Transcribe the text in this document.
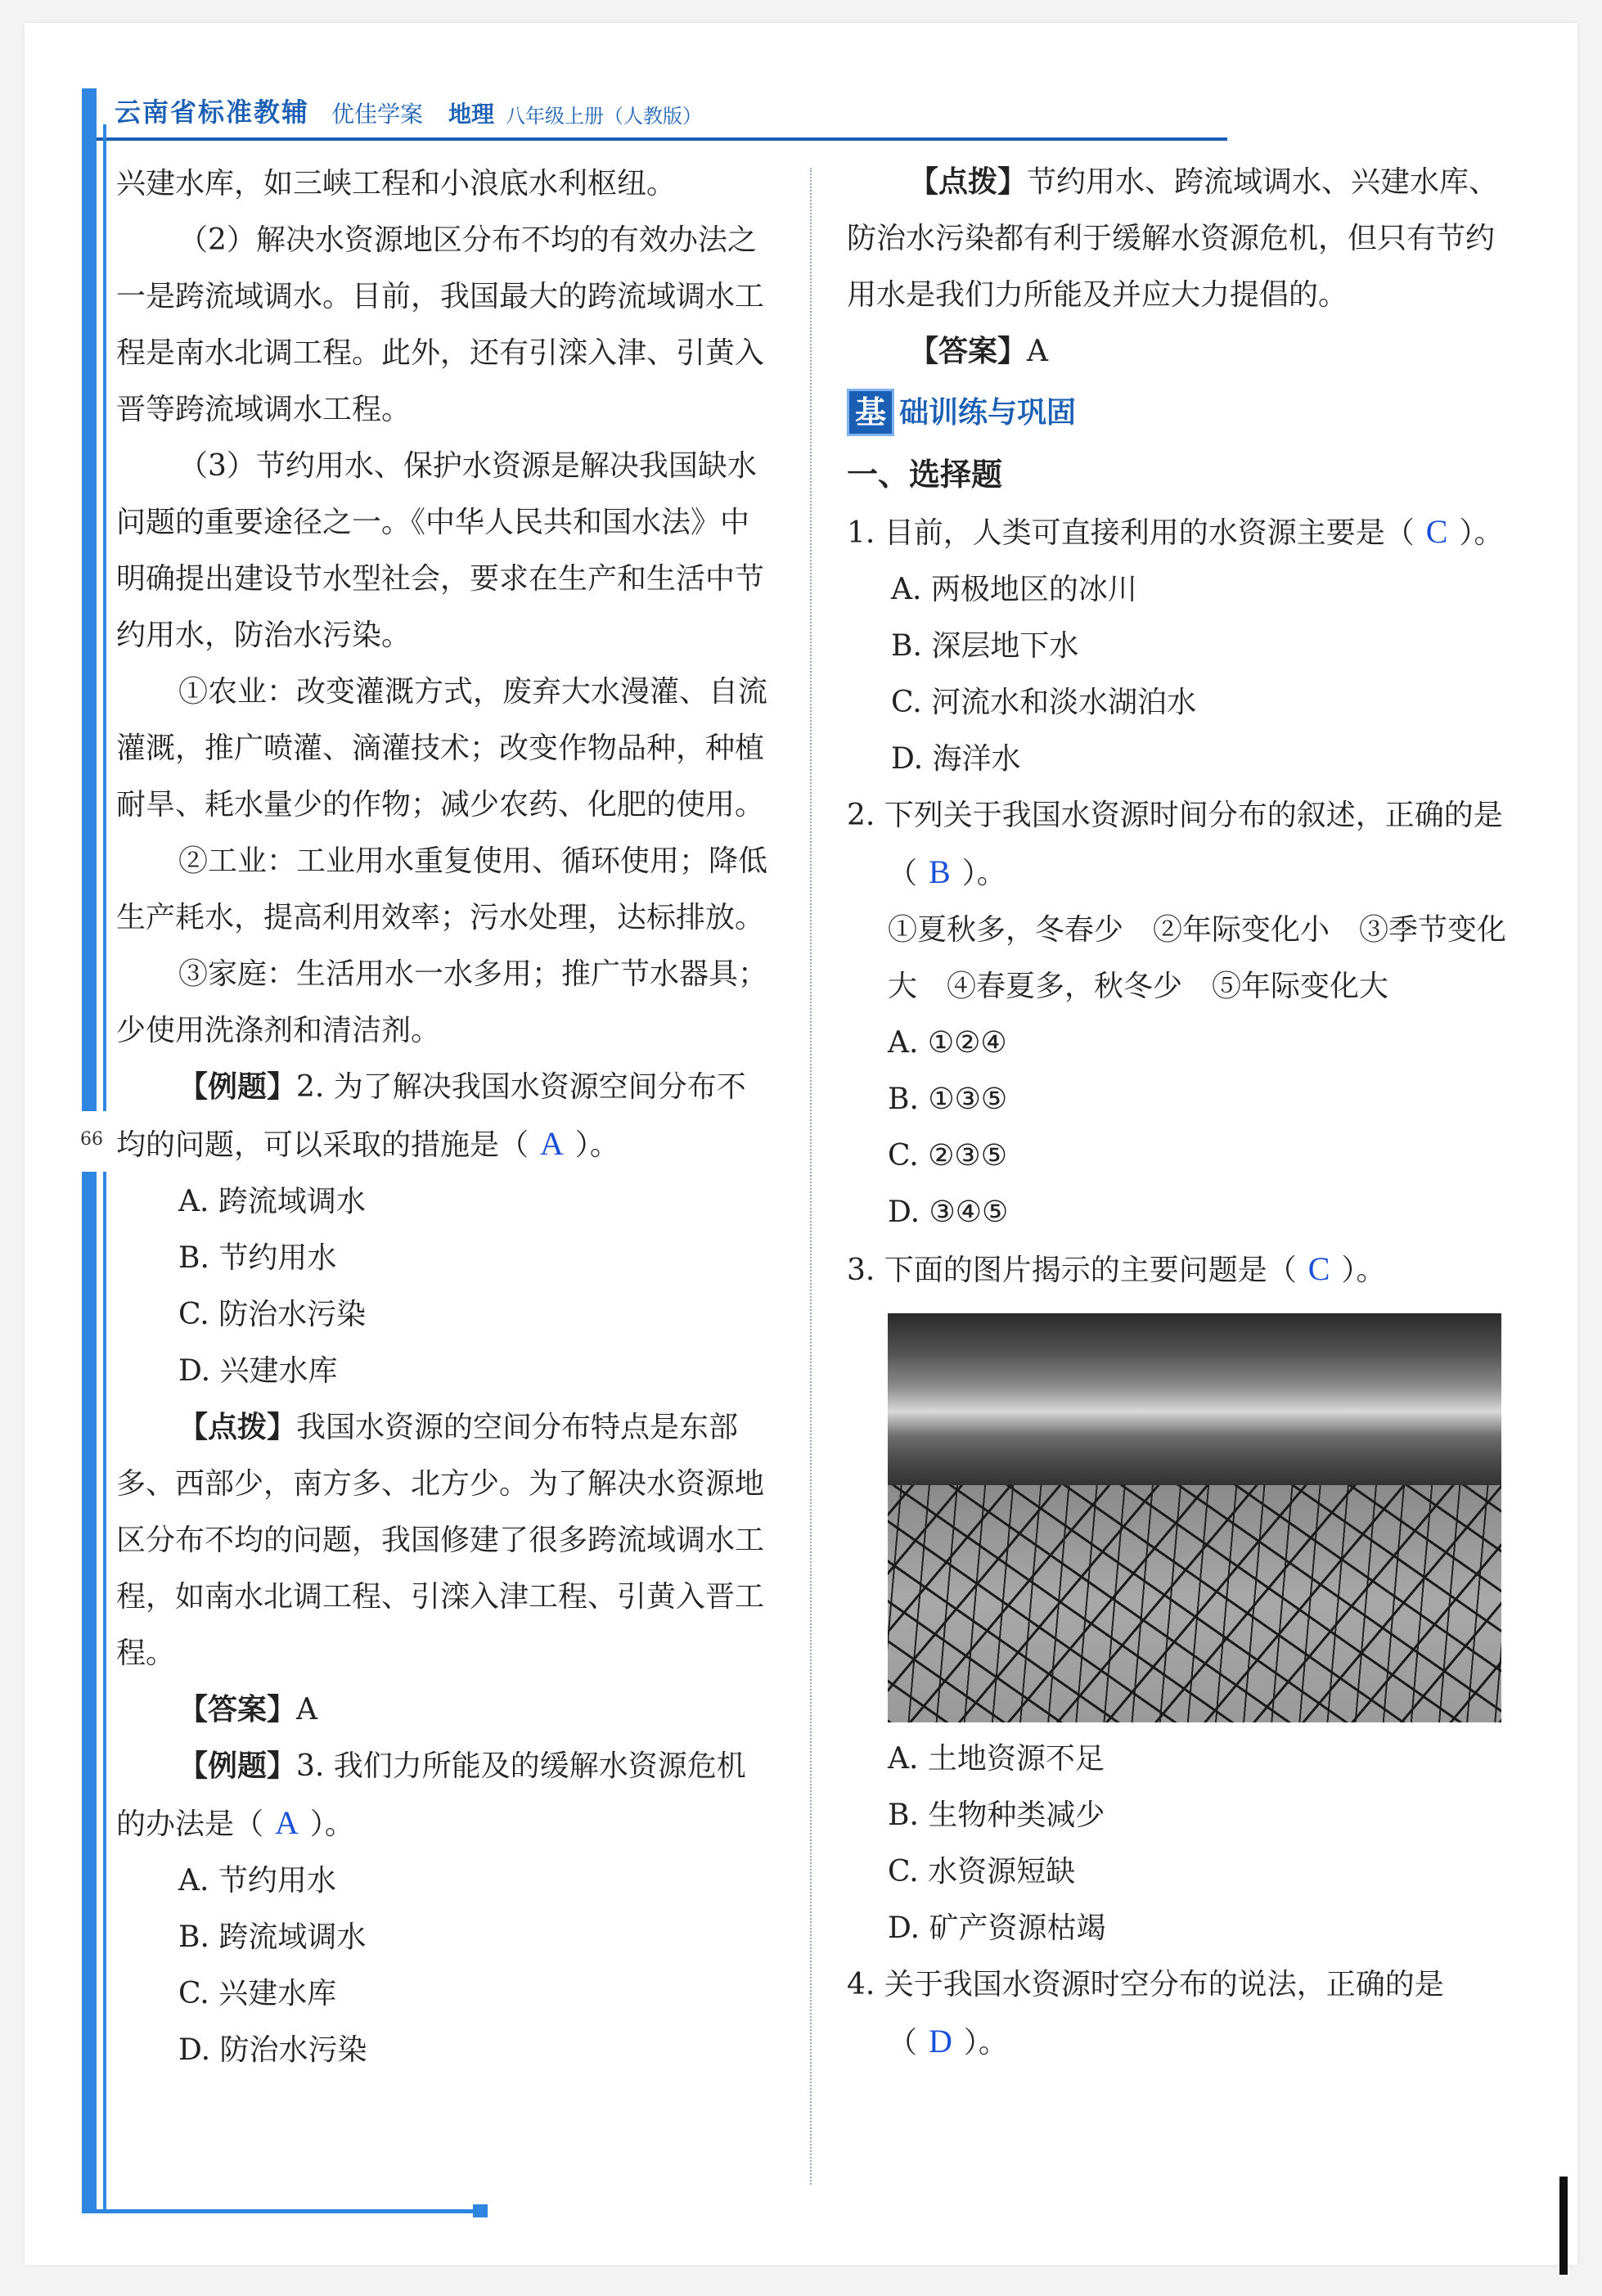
云南省标准教辅 优佳学案 地理 八年级上册（人教版）
66

兴建水库，如三峡工程和小浪底水利枢纽。

（2）解决水资源地区分布不均的有效办法之一是跨流域调水。目前，我国最大的跨流域调水工程是南水北调工程。此外，还有引滦入津、引黄入晋等跨流域调水工程。

（3）节约用水、保护水资源是解决我国缺水问题的重要途径之一。《中华人民共和国水法》中明确提出建设节水型社会，要求在生产和生活中节约用水，防治水污染。

①农业：改变灌溉方式，废弃大水漫灌、自流灌溉，推广喷灌、滴灌技术；改变作物品种，种植耐旱、耗水量少的作物；减少农药、化肥的使用。

②工业：工业用水重复使用、循环使用；降低生产耗水，提高利用效率；污水处理，达标排放。

③家庭：生活用水一水多用；推广节水器具；少使用洗涤剂和清洁剂。

【例题】2. 为了解决我国水资源空间分布不均的问题，可以采取的措施是（ A ）。

A. 跨流域调水

B. 节约用水

C. 防治水污染

D. 兴建水库

【点拨】我国水资源的空间分布特点是东部多、西部少，南方多、北方少。为了解决水资源地区分布不均的问题，我国修建了很多跨流域调水工程，如南水北调工程、引滦入津工程、引黄入晋工程。

【答案】A

【例题】3. 我们力所能及的缓解水资源危机的办法是（ A ）。

A. 节约用水

B. 跨流域调水

C. 兴建水库

D. 防治水污染

【点拨】节约用水、跨流域调水、兴建水库、防治水污染都有利于缓解水资源危机，但只有节约用水是我们力所能及并应大力提倡的。

【答案】A

基 础训练与巩固

一、选择题

1. 目前，人类可直接利用的水资源主要是（ C ）。

A. 两极地区的冰川

B. 深层地下水

C. 河流水和淡水湖泊水

D. 海洋水

2. 下列关于我国水资源时间分布的叙述，正确的是（ B ）。

①夏秋多，冬春少　②年际变化小　③季节变化大　④春夏多，秋冬少　⑤年际变化大

A. ①②④

B. ①③⑤

C. ②③⑤

D. ③④⑤

3. 下面的图片揭示的主要问题是（ C ）。

A. 土地资源不足

B. 生物种类减少

C. 水资源短缺

D. 矿产资源枯竭

4. 关于我国水资源时空分布的说法，正确的是（ D ）。
